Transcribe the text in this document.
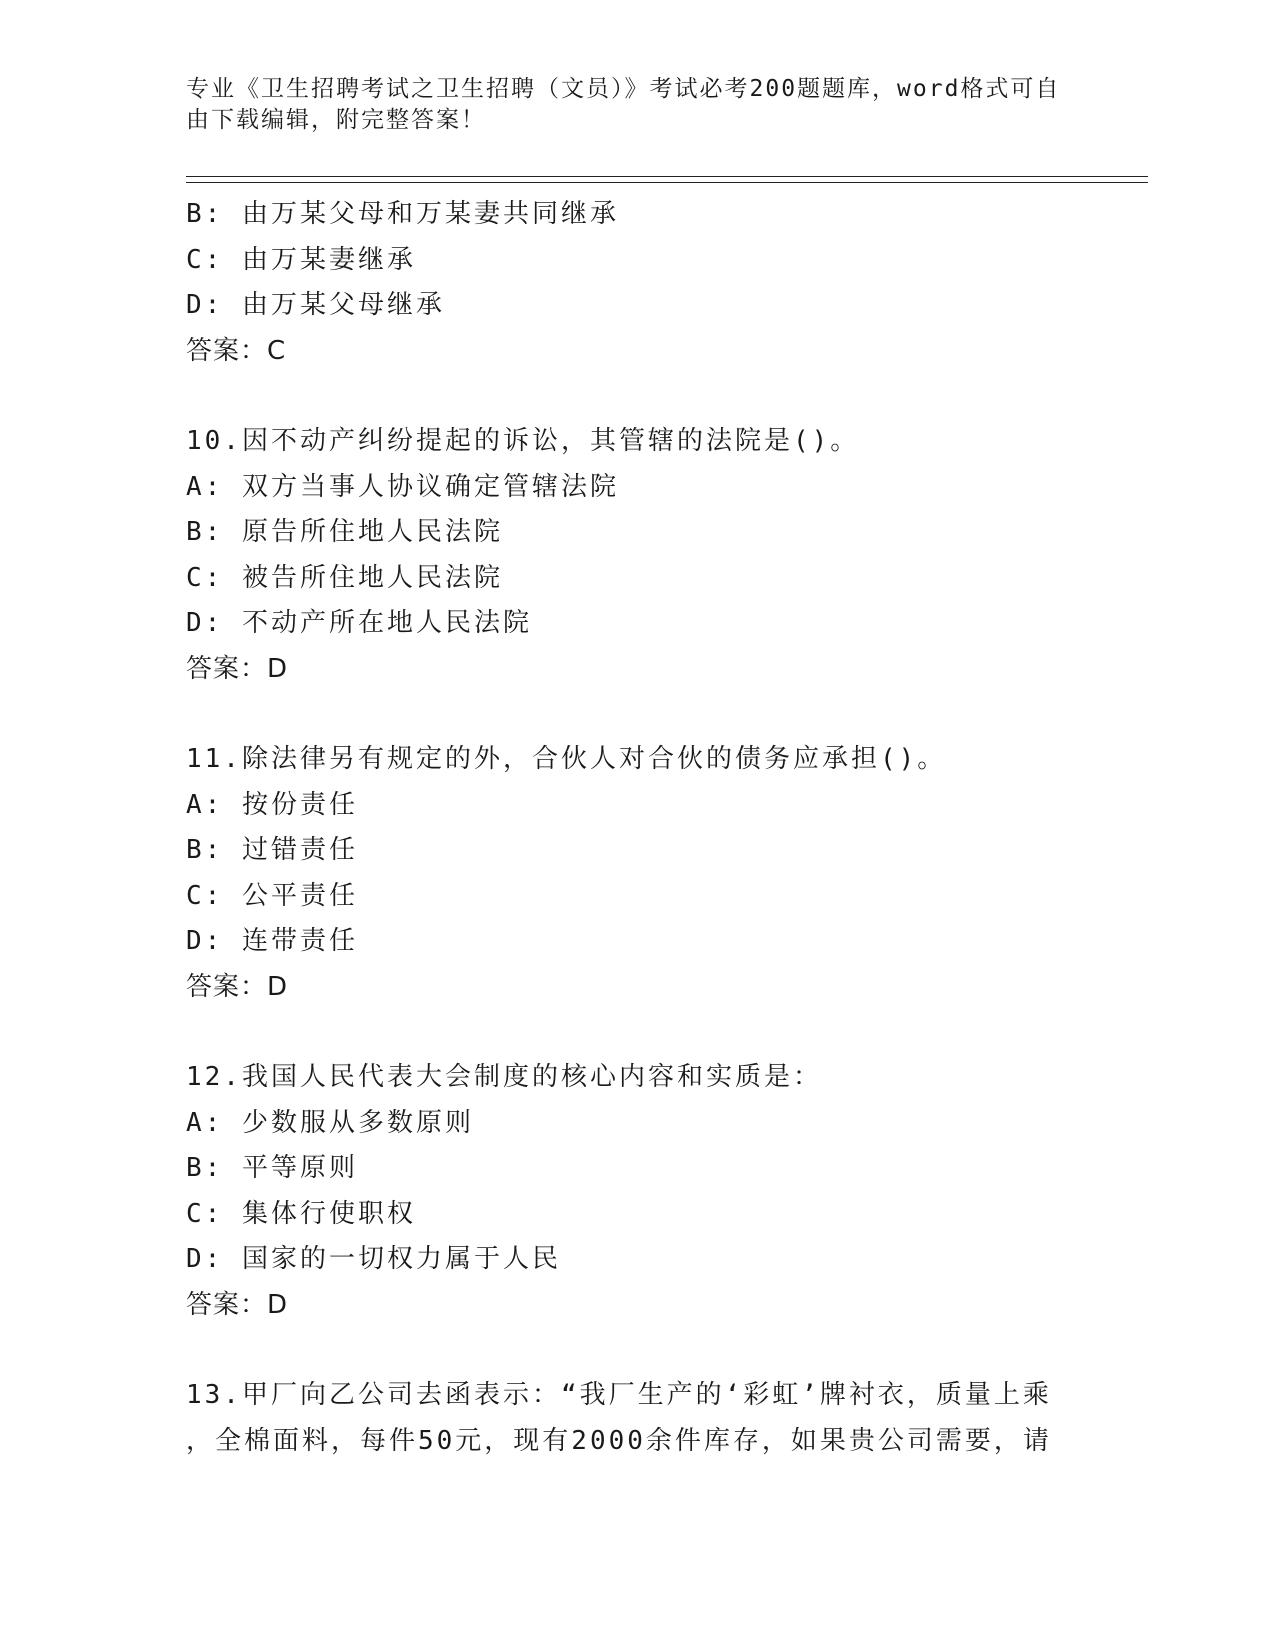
专业《卫生招聘考试之卫生招聘（文员）》考试必考200题题库，word格式可自
由下载编辑，附完整答案！
B: 由万某父母和万某妻共同继承
C: 由万某妻继承
D: 由万某父母继承
答案：C
10.因不动产纠纷提起的诉讼，其管辖的法院是()。
A: 双方当事人协议确定管辖法院
B: 原告所住地人民法院
C: 被告所住地人民法院
D: 不动产所在地人民法院
答案：D
11.除法律另有规定的外，合伙人对合伙的债务应承担()。
A: 按份责任
B: 过错责任
C: 公平责任
D: 连带责任
答案：D
12.我国人民代表大会制度的核心内容和实质是：
A: 少数服从多数原则
B: 平等原则
C: 集体行使职权
D: 国家的一切权力属于人民
答案：D
13.甲厂向乙公司去函表示：“我厂生产的‘彩虹’牌衬衣，质量上乘
，全棉面料，每件50元，现有2000余件库存，如果贵公司需要，请
